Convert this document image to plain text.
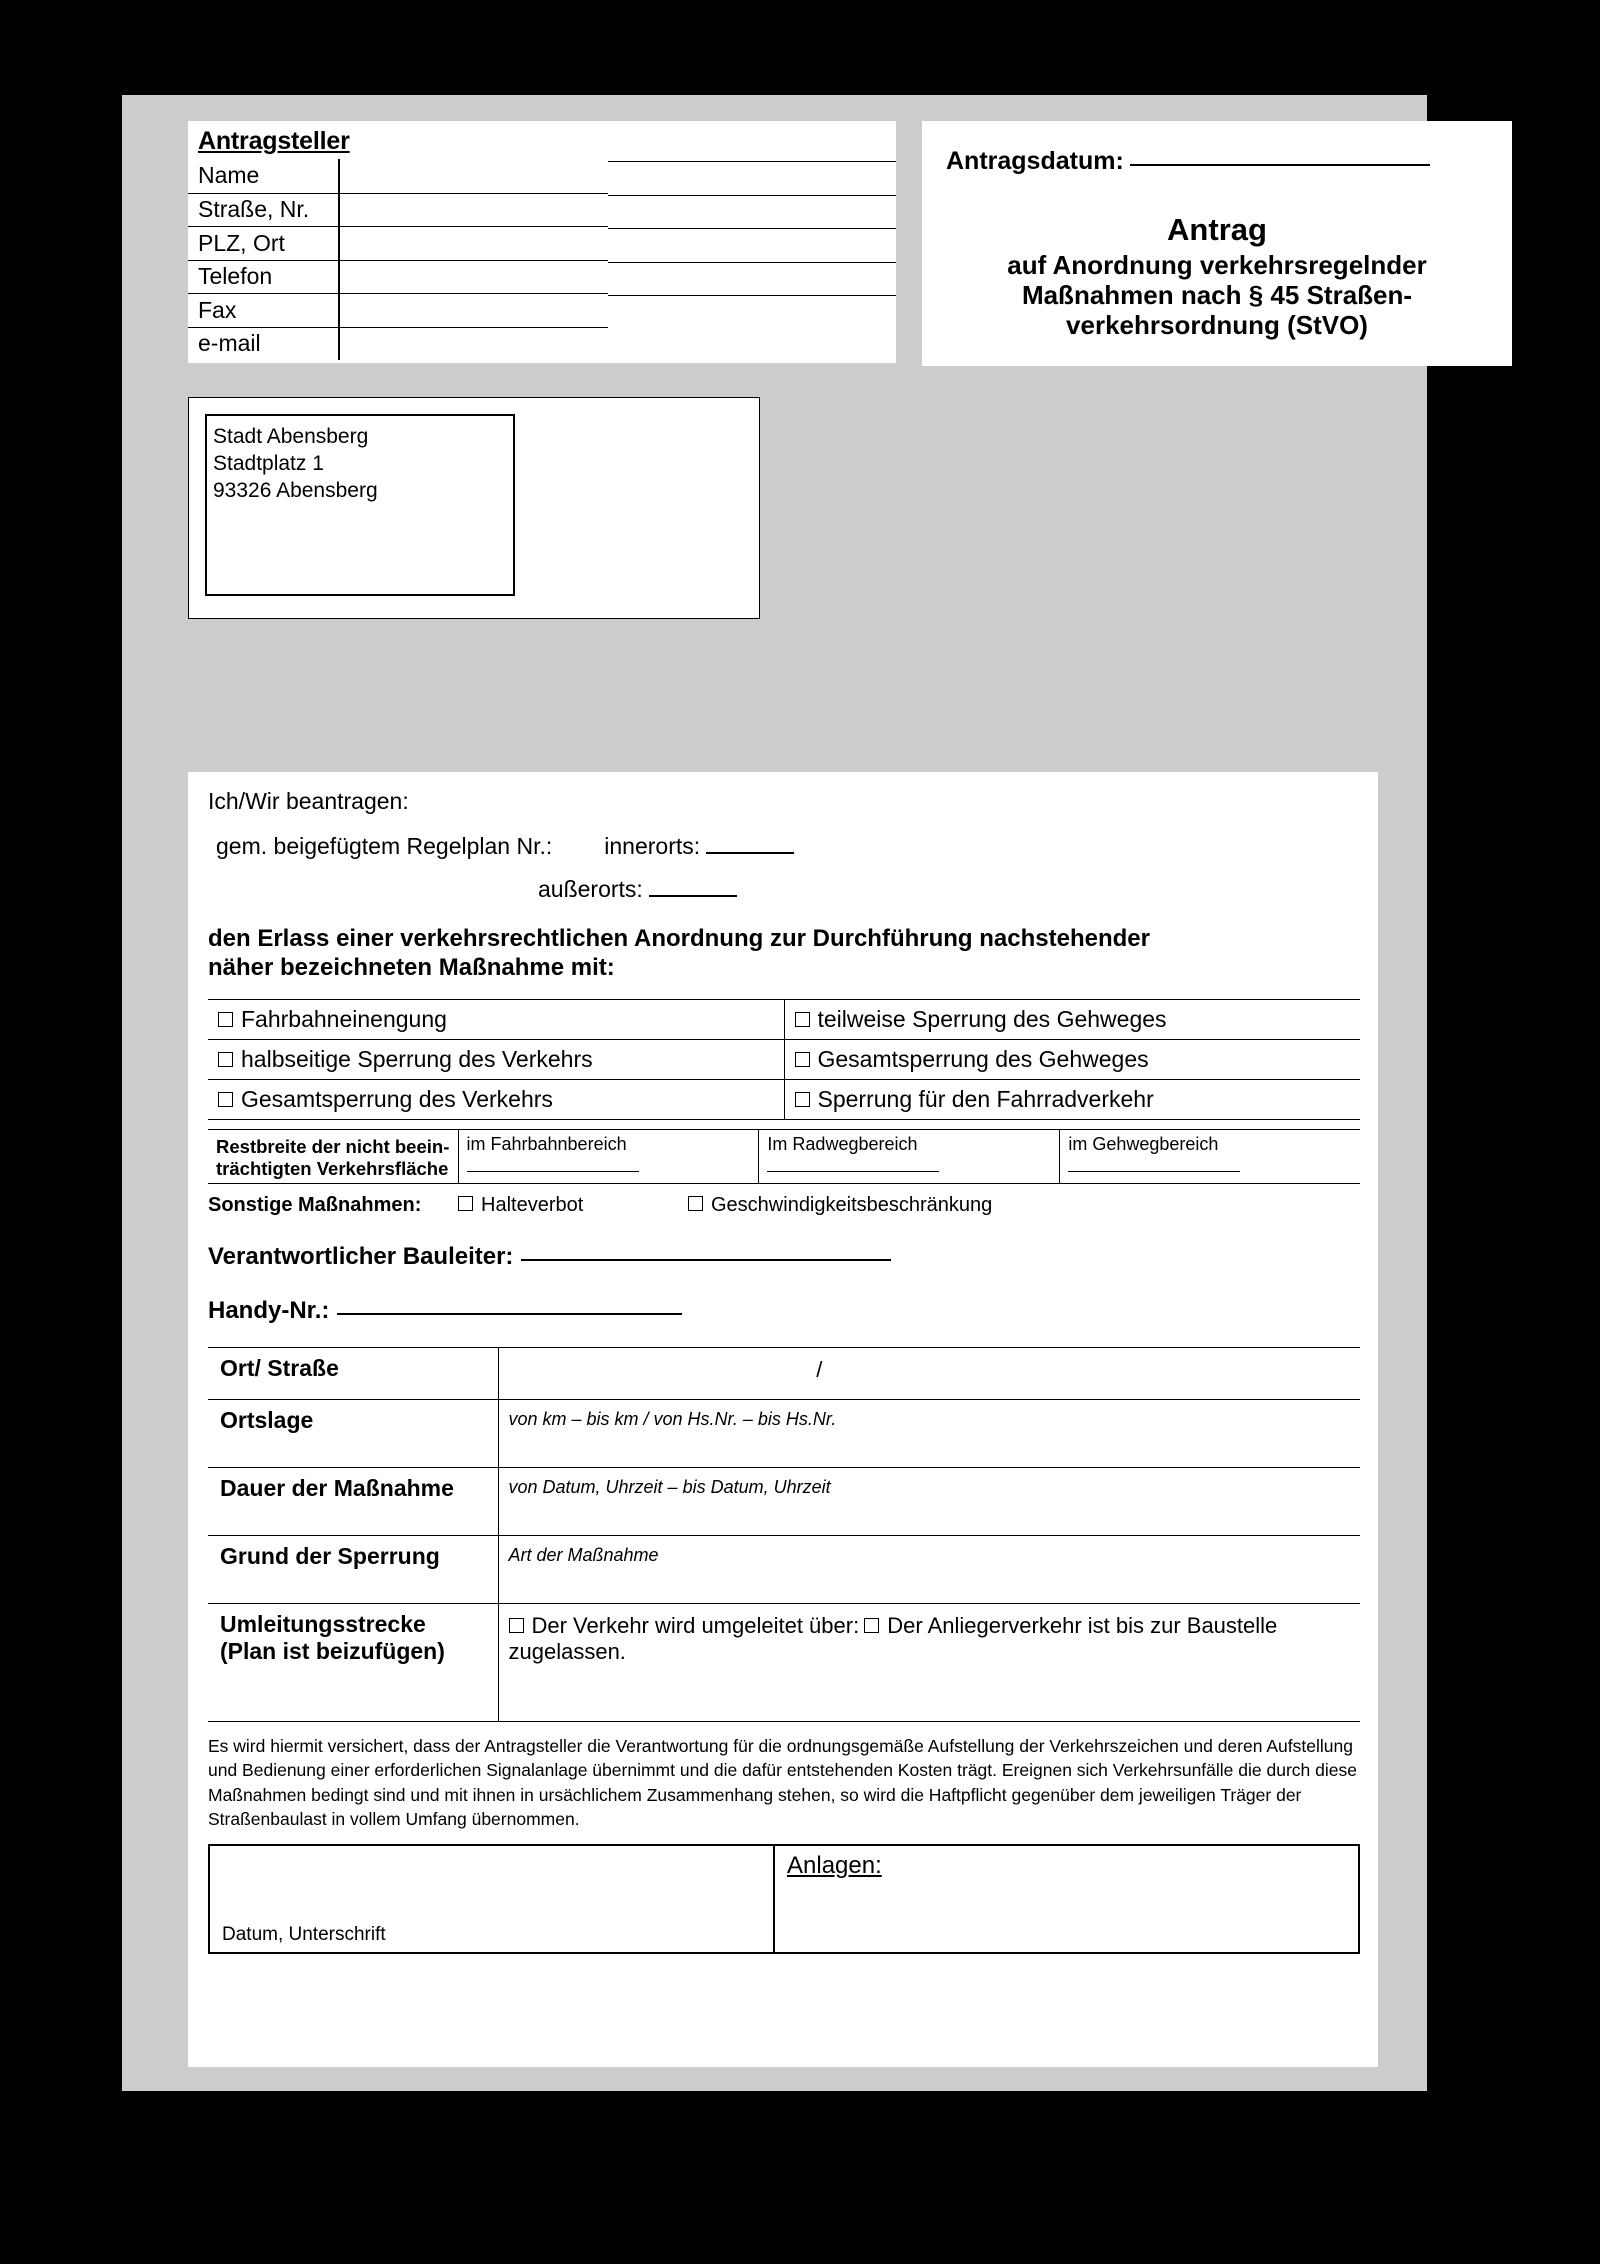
Antragsteller
Name
Straße, Nr.
PLZ, Ort
Telefon
Fax
e-mail
Antragsdatum:
Antrag
auf Anordnung verkehrsregelnder
Maßnahmen nach § 45 Straßen-
verkehrsordnung (StVO)
Stadt Abensberg
Stadtplatz 1
93326 Abensberg
Ich/Wir beantragen:
gem. beigefügtem Regelplan Nr.: innerorts:
außerorts:
den Erlass einer verkehrsrechtlichen Anordnung zur Durchführung nachstehender
näher bezeichneten Maßnahme mit:
Fahrbahneinengung	teilweise Sperrung des Gehweges
halbseitige Sperrung des Verkehrs	Gesamtsperrung des Gehweges
Gesamtsperrung des Verkehrs	Sperrung für den Fahrradverkehr
Restbreite der nicht beein-
trächtigten Verkehrsfläche	im Fahrbahnbereich	Im Radwegbereich	im Gehwegbereich
Sonstige Maßnahmen:	Halteverbot	Geschwindigkeitsbeschränkung
Verantwortlicher Bauleiter:
Handy-Nr.:
Ort/ Straße	/

Ortslage	von km – bis km / von Hs.Nr. – bis Hs.Nr.
Dauer der Maßnahme	von Datum, Uhrzeit – bis Datum, Uhrzeit
Grund der Sperrung	Art der Maßnahme
Umleitungsstrecke
(Plan ist beizufügen)	Der Verkehr wird umgeleitet über: Der Anliegerverkehr ist bis zur Baustelle zugelassen.
Es wird hiermit versichert, dass der Antragsteller die Verantwortung für die ordnungsgemäße Aufstellung der Verkehrszeichen und deren Aufstellung und Bedienung einer erforderlichen Signalanlage übernimmt und die dafür entstehenden Kosten trägt. Ereignen sich Verkehrsunfälle die durch diese Maßnahmen bedingt sind und mit ihnen in ursächlichem Zusammenhang stehen, so wird die Haftpflicht gegenüber dem jeweiligen Träger der Straßenbaulast in vollem Umfang übernommen.
Datum, Unterschrift	Anlagen:
